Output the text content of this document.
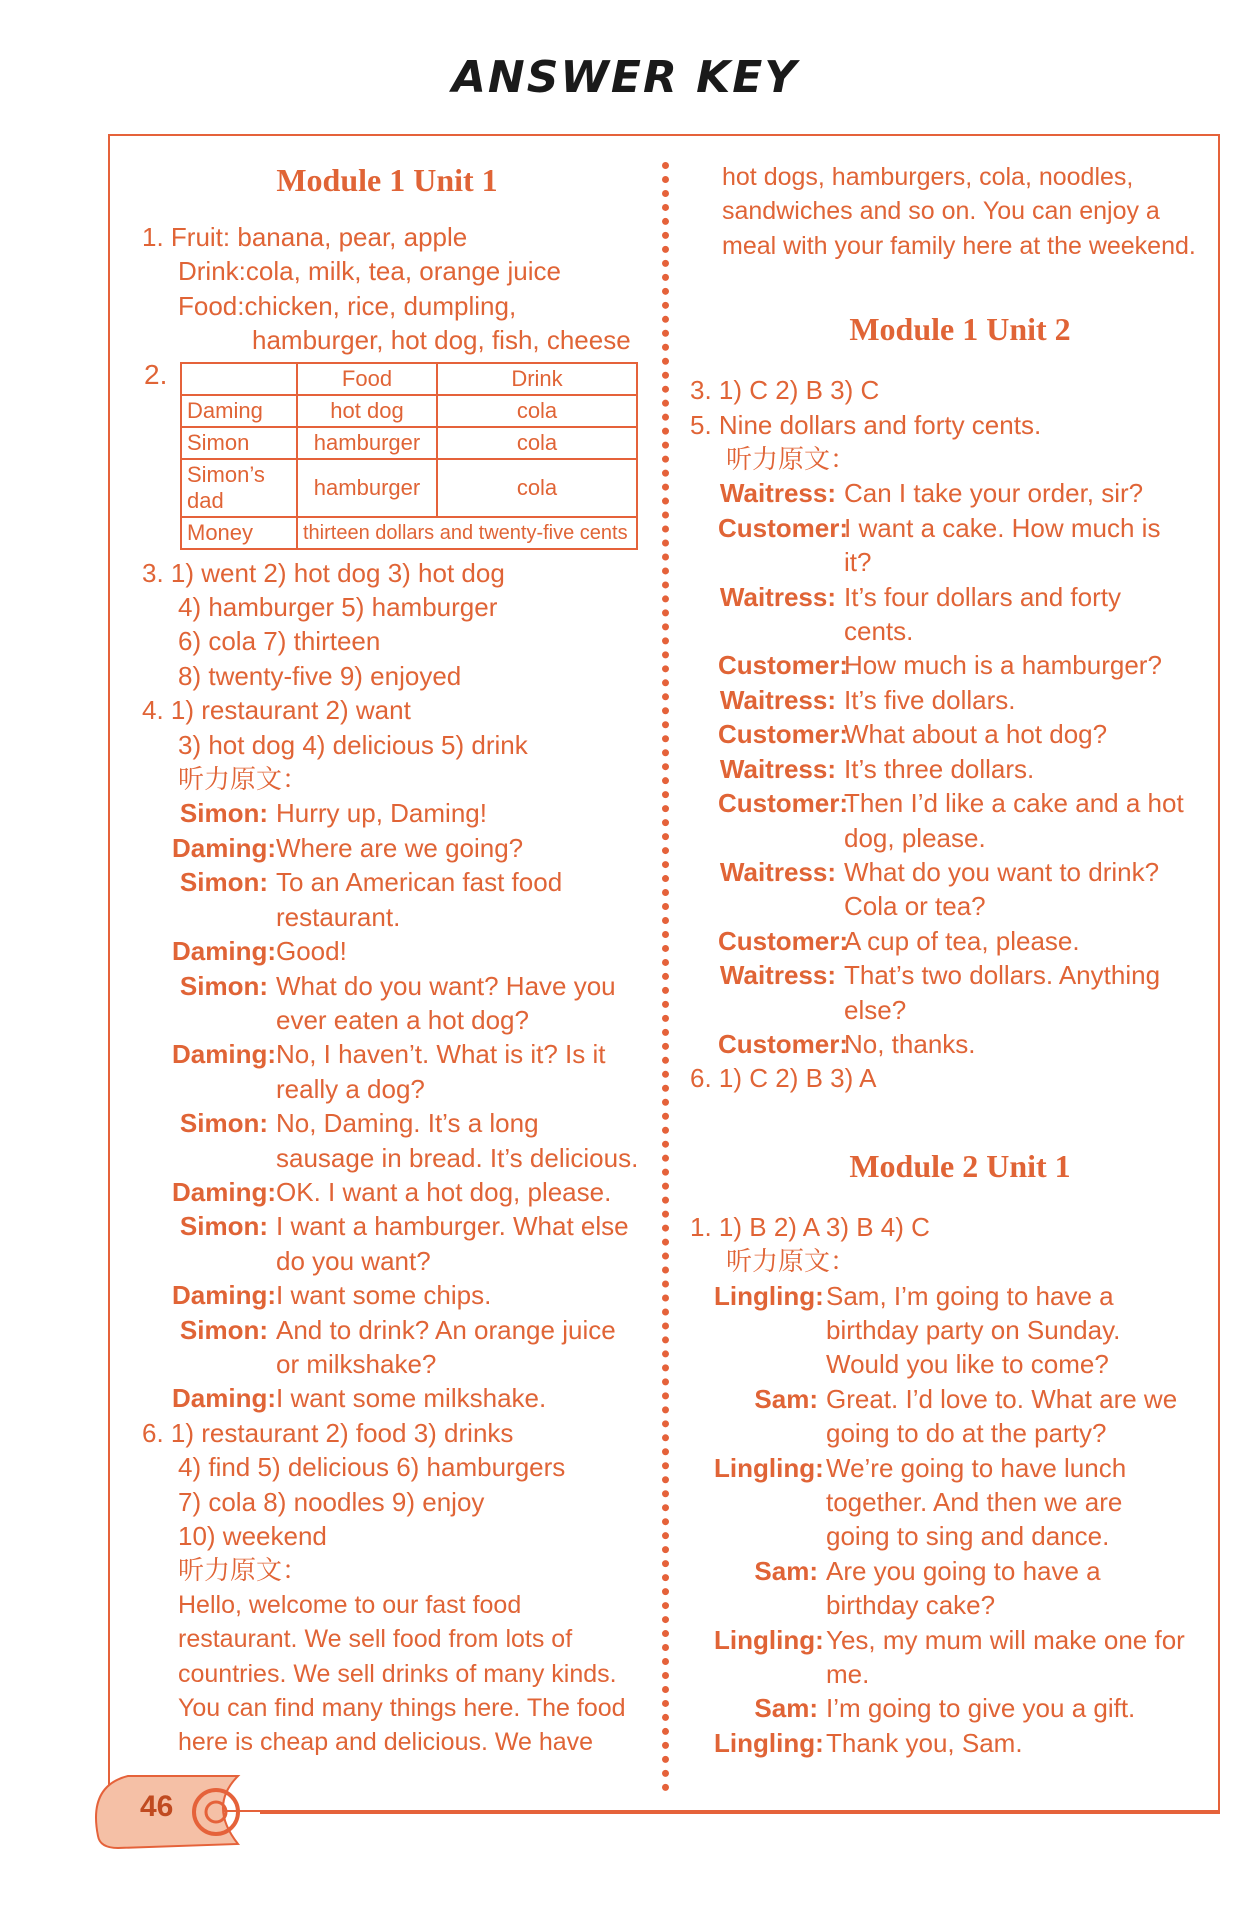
ANSWER KEY
Module 1 Unit 1
1. Fruit: banana, pear, apple
Drink:cola, milk, tea, orange juice
Food:chicken, rice, dumpling,
hamburger, hot dog, fish, cheese
2.
		Food	Drink
Daming	hot dog	cola
Simon	hamburger	cola
Simon’s dad	hamburger	cola
Money	thirteen dollars and twenty-five cents	
3. 1) went 2) hot dog 3) hot dog
4) hamburger 5) hamburger
6) cola 7) thirteen
8) twenty-five 9) enjoyed
4. 1) restaurant 2) want
3) hot dog 4) delicious 5) drink
听力原文：
Simon: Hurry up, Daming!
Daming: Where are we going?
Simon: To an American fast food restaurant.
Daming: Good!
Simon: What do you want? Have you ever eaten a hot dog?
Daming: No, I haven’t. What is it? Is it really a dog?
Simon: No, Daming. It’s a long sausage in bread. It’s delicious.
Daming: OK. I want a hot dog, please.
Simon: I want a hamburger. What else do you want?
Daming: I want some chips.
Simon: And to drink? An orange juice or milkshake?
Daming: I want some milkshake.
6. 1) restaurant 2) food 3) drinks
4) find 5) delicious 6) hamburgers
7) cola 8) noodles 9) enjoy
10) weekend
听力原文：
Hello, welcome to our fast food
restaurant. We sell food from lots of
countries. We sell drinks of many kinds.
You can find many things here. The food
here is cheap and delicious. We have
hot dogs, hamburgers, cola, noodles,
sandwiches and so on. You can enjoy a
meal with your family here at the weekend.
Module 1 Unit 2
3. 1) C 2) B 3) C
5. Nine dollars and forty cents.
听力原文：
Waitress: Can I take your order, sir?
Customer:
I want a cake. How much is it?
Waitress: It’s four dollars and forty cents.
Customer:
How much is a hamburger?
Waitress: It’s five dollars.
Customer:
What about a hot dog?
Waitress: It’s three dollars.
Customer:
Then I’d like a cake and a hot dog, please.
Waitress: What do you want to drink? Cola or tea?
Customer:
A cup of tea, please.
Waitress: That’s two dollars. Anything else?
Customer:
No, thanks.
6. 1) C 2) B 3) A
Module 2 Unit 1
1. 1) B 2) A 3) B 4) C
听力原文：
Lingling: Sam, I’m going to have a birthday party on Sunday. Would you like to come?
Sam: Great. I’d love to. What are we going to do at the party?
Lingling: We’re going to have lunch together. And then we are going to sing and dance.
Sam: Are you going to have a birthday cake?
Lingling: Yes, my mum will make one for me.
Sam: I’m going to give you a gift.
Lingling: Thank you, Sam.
46
